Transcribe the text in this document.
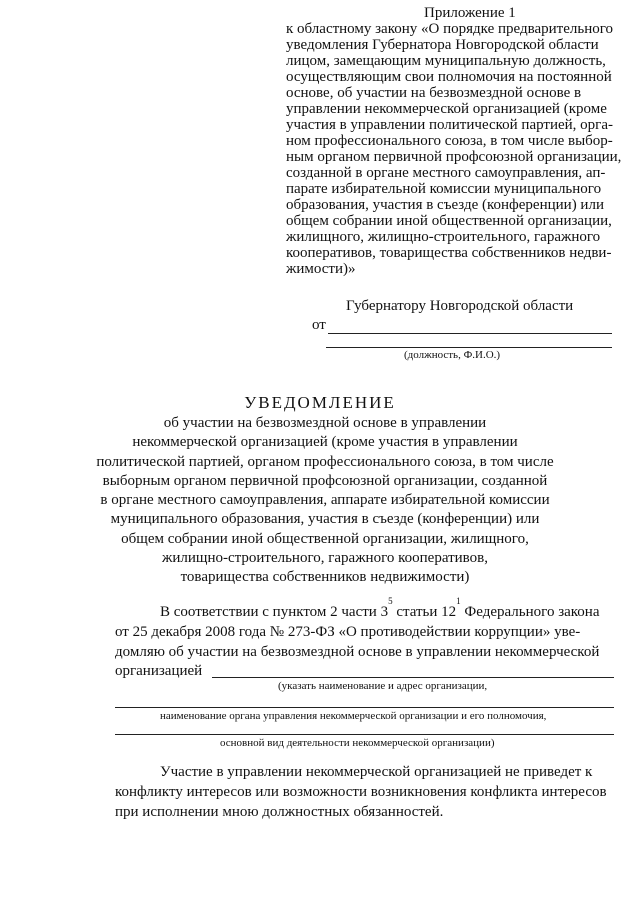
Приложение 1
к областному закону «О порядке предварительного
уведомления Губернатора Новгородской области
лицом, замещающим муниципальную должность,
осуществляющим свои полномочия на постоянной
основе, об участии на безвозмездной основе в
управлении некоммерческой организацией (кроме
участия в управлении политической партией, орга-
ном профессионального союза, в том числе выбор-
ным органом первичной профсоюзной организации,
созданной в органе местного самоуправления, ап-
парате избирательной комиссии муниципального
образования, участия в съезде (конференции) или
общем собрании иной общественной организации,
жилищного, жилищно-строительного, гаражного
кооперативов, товарищества собственников недви-
жимости)»
Губернатору Новгородской области
от
(должность, Ф.И.О.)
УВЕДОМЛЕНИЕ
об участии на безвозмездной основе в управлении
некоммерческой организацией (кроме участия в управлении
политической партией, органом профессионального союза, в том числе
выборным органом первичной профсоюзной организации, созданной
в органе местного самоуправления, аппарате избирательной комиссии
муниципального образования, участия в съезде (конференции) или
общем собрании иной общественной организации, жилищного,
жилищно-строительного, гаражного кооперативов,
товарищества собственников недвижимости)
В соответствии с пунктом 2 части 3
$^5$
статьи 12
$^1$
Федерального закона
от 25 декабря 2008 года № 273-ФЗ «О противодействии коррупции» уве-
домляю об участии на безвозмездной основе в управлении некоммерческой
организацией
(указать наименование и адрес организации,
наименование органа управления некоммерческой организации и его полномочия,
основной вид деятельности некоммерческой организации)
Участие в управлении некоммерческой организацией не приведет к
конфликту интересов или возможности возникновения конфликта интересов
при исполнении мною должностных обязанностей.
